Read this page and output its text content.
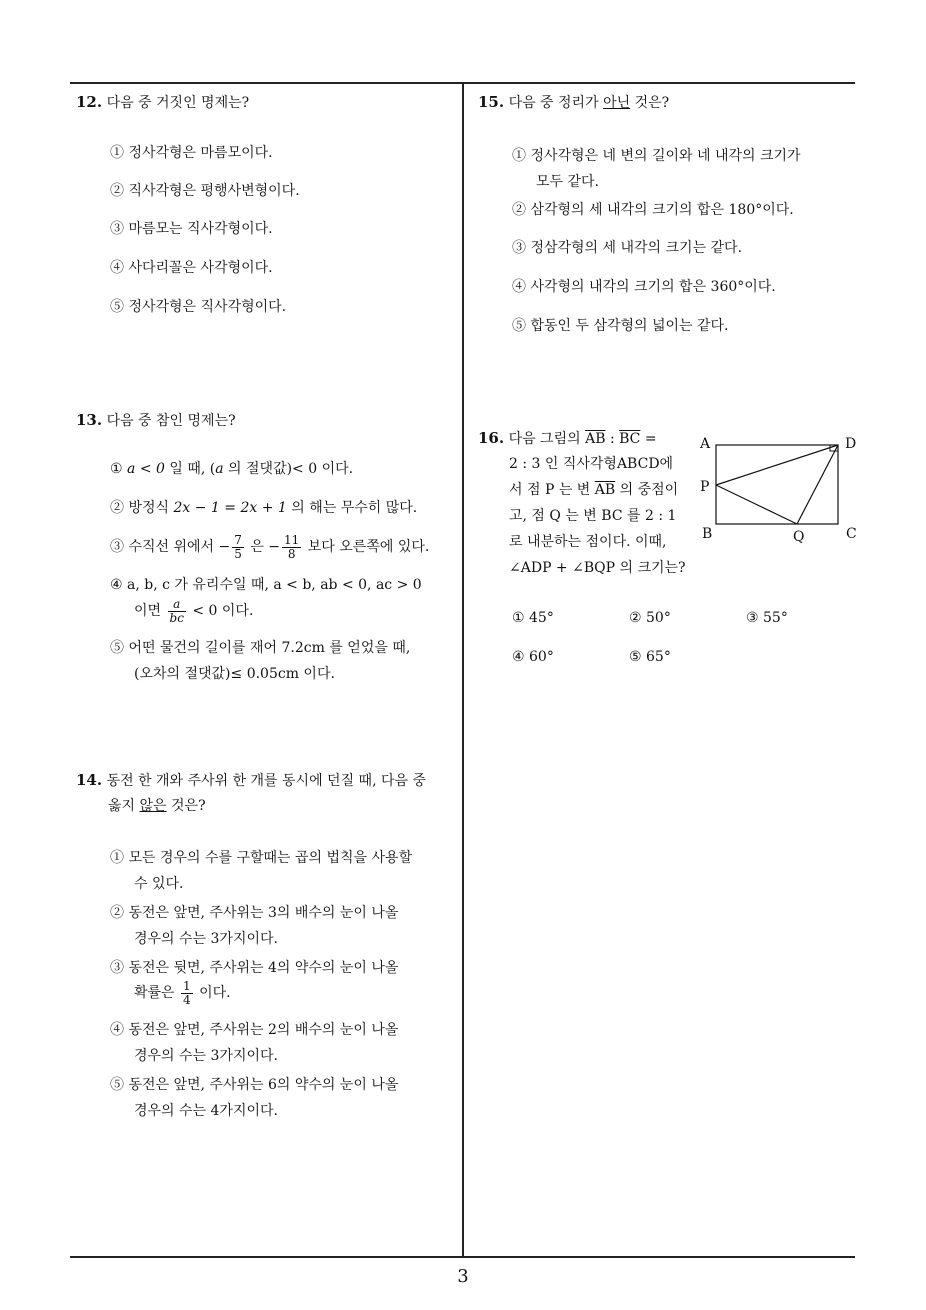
12. 다음 중 거짓인 명제는?
① 정사각형은 마름모이다.
② 직사각형은 평행사변형이다.
③ 마름모는 직사각형이다.
④ 사다리꼴은 사각형이다.
⑤ 정사각형은 직사각형이다.
13. 다음 중 참인 명제는?
① a < 0 일 때, (a 의 절댓값)< 0 이다.
② 방정식 2x − 1 = 2x + 1 의 해는 무수히 많다.
③ 수직선 위에서 − $\frac{7}{5}$ 은 − $\frac{11}{8}$ 보다 오른쪽에 있다.
④ a, b, c 가 유리수일 때, a < b, ab < 0, ac > 0
이면 $\frac{a}{bc} < 0$ 이다.
⑤ 어떤 물건의 길이를 재어 7.2cm 를 얻었을 때,
(오차의 절댓값)≤ 0.05cm 이다.
14. 동전 한 개와 주사위 한 개를 동시에 던질 때, 다음 중
옳지 않은 것은?
① 모든 경우의 수를 구할때는 곱의 법칙을 사용할
수 있다.
② 동전은 앞면, 주사위는 3의 배수의 눈이 나올
경우의 수는 3가지이다.
③ 동전은 뒷면, 주사위는 4의 약수의 눈이 나올
확률은 $\frac{1}{4}$ 이다.
④ 동전은 앞면, 주사위는 2의 배수의 눈이 나올
경우의 수는 3가지이다.
⑤ 동전은 앞면, 주사위는 6의 약수의 눈이 나올
경우의 수는 4가지이다.
15. 다음 중 정리가 아닌 것은?
① 정사각형은 네 변의 길이와 네 내각의 크기가
모두 같다.
② 삼각형의 세 내각의 크기의 합은 180°이다.
③ 정삼각형의 세 내각의 크기는 같다.
④ 사각형의 내각의 크기의 합은 360°이다.
⑤ 합동인 두 삼각형의 넓이는 같다.
16. 다음 그림의 $\overline{AB}$ : $\overline{BC}$ =
2 : 3 인 직사각형ABCD에
서 점 P 는 변 $\overline{AB}$ 의 중점이
고, 점 Q 는 변 BC 를 2 : 1
로 내분하는 점이다. 이때,
∠ADP + ∠BQP 의 크기는?
A	D
P
B	Q	C
① 45°	② 50°	③ 55°
④ 60°	⑤ 65°
3
